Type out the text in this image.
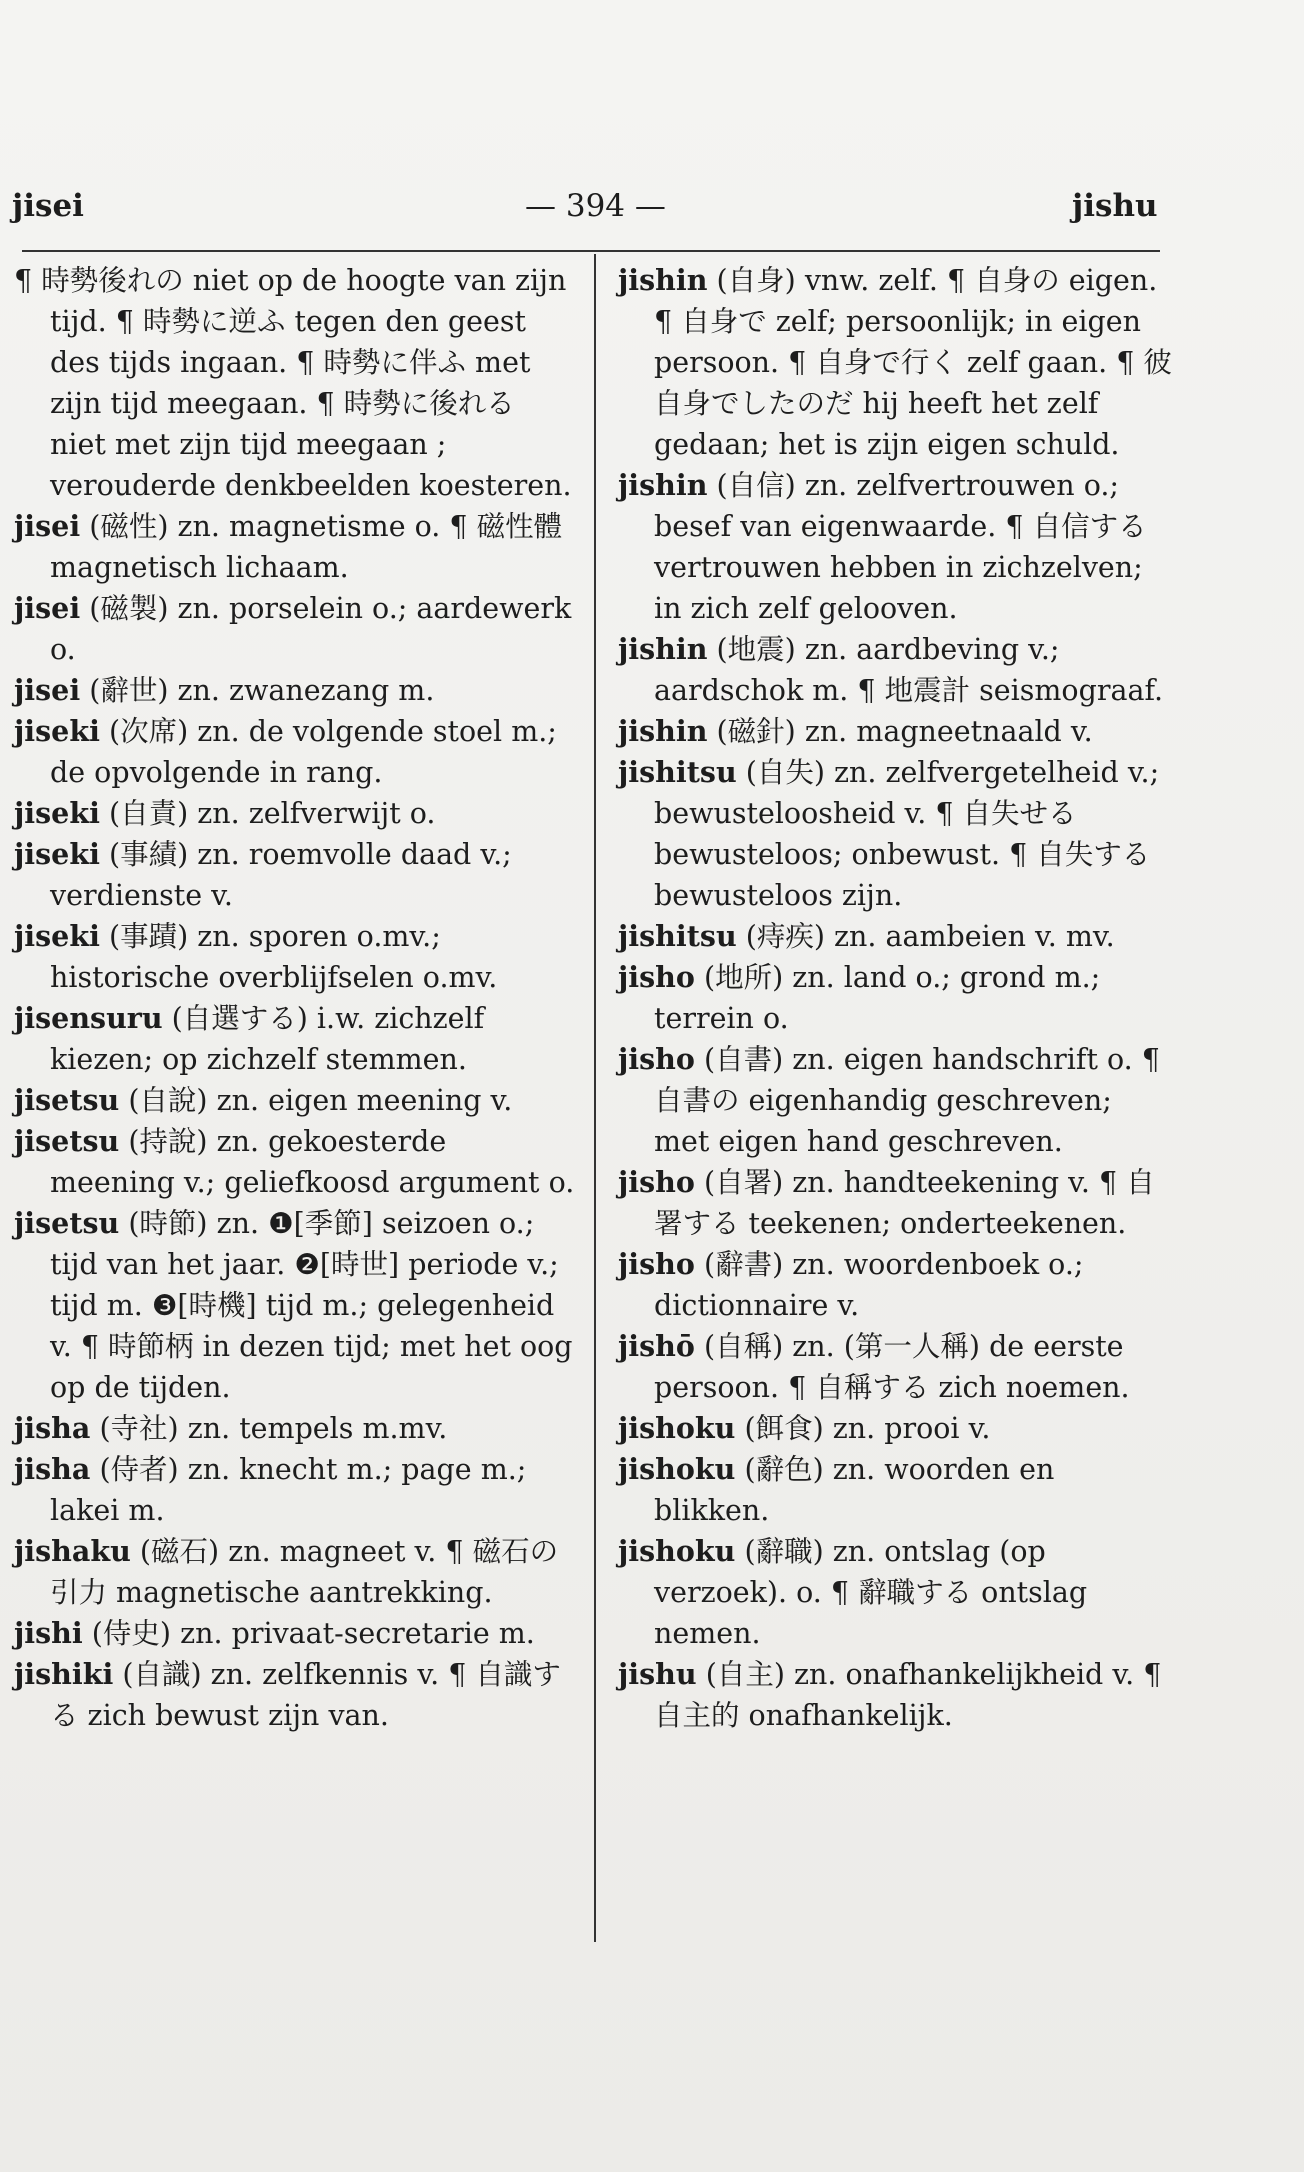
jisei	— 394 —	jishu

¶ 時勢後れの niet op de hoogte van zijn tijd. ¶ 時勢に逆ふ tegen den geest des tijds ingaan. ¶ 時勢に伴ふ met zijn tijd meegaan. ¶ 時勢に後れる niet met zijn tijd meegaan ; verouderde denkbeelden koesteren.

jisei (磁性) zn. magnetisme o. ¶ 磁性體 magnetisch lichaam.

jisei (磁製) zn. porselein o.; aardewerk o.

jisei (辭世) zn. zwanezang m.

jiseki (次席) zn. de volgende stoel m.; de opvolgende in rang.

jiseki (自責) zn. zelfverwijt o.

jiseki (事績) zn. roemvolle daad v.; verdienste v.

jiseki (事蹟) zn. sporen o.mv.; historische overblijfselen o.mv.

jisensuru (自選する) i.w. zichzelf kiezen; op zichzelf stemmen.

jisetsu (自說) zn. eigen meening v.

jisetsu (持說) zn. gekoesterde meening v.; geliefkoosd argument o.

jisetsu (時節) zn. ❶[季節] seizoen o.; tijd van het jaar. ❷[時世] periode v.; tijd m. ❸[時機] tijd m.; gelegenheid v. ¶ 時節柄 in dezen tijd; met het oog op de tijden.

jisha (寺社) zn. tempels m.mv.

jisha (侍者) zn. knecht m.; page m.; lakei m.

jishaku (磁石) zn. magneet v. ¶ 磁石の引力 magnetische aantrekking.

jishi (侍史) zn. privaat-secretarie m.

jishiki (自識) zn. zelfkennis v. ¶ 自識する zich bewust zijn van.

jishin (自身) vnw. zelf. ¶ 自身の eigen. ¶ 自身で zelf; persoonlijk; in eigen persoon. ¶ 自身で行く zelf gaan. ¶ 彼自身でしたのだ hij heeft het zelf gedaan; het is zijn eigen schuld.

jishin (自信) zn. zelfvertrouwen o.; besef van eigenwaarde. ¶ 自信する vertrouwen hebben in zichzelven; in zich zelf gelooven.

jishin (地震) zn. aardbeving v.; aardschok m. ¶ 地震計 seismograaf.

jishin (磁針) zn. magneetnaald v.

jishitsu (自失) zn. zelfvergetelheid v.; bewusteloosheid v. ¶ 自失せる bewusteloos; onbewust. ¶ 自失する bewusteloos zijn.

jishitsu (痔疾) zn. aambeien v. mv.

jisho (地所) zn. land o.; grond m.; terrein o.

jisho (自書) zn. eigen handschrift o. ¶ 自書の eigenhandig geschreven; met eigen hand geschreven.

jisho (自署) zn. handteekening v. ¶ 自署する teekenen; onderteekenen.

jisho (辭書) zn. woordenboek o.; dictionnaire v.

jishō (自稱) zn. (第一人稱) de eerste persoon. ¶ 自稱する zich noemen.

jishoku (餌食) zn. prooi v.

jishoku (辭色) zn. woorden en blikken.

jishoku (辭職) zn. ontslag (op verzoek). o. ¶ 辭職する ontslag nemen.

jishu (自主) zn. onafhankelijkheid v. ¶ 自主的 onafhankelijk.
